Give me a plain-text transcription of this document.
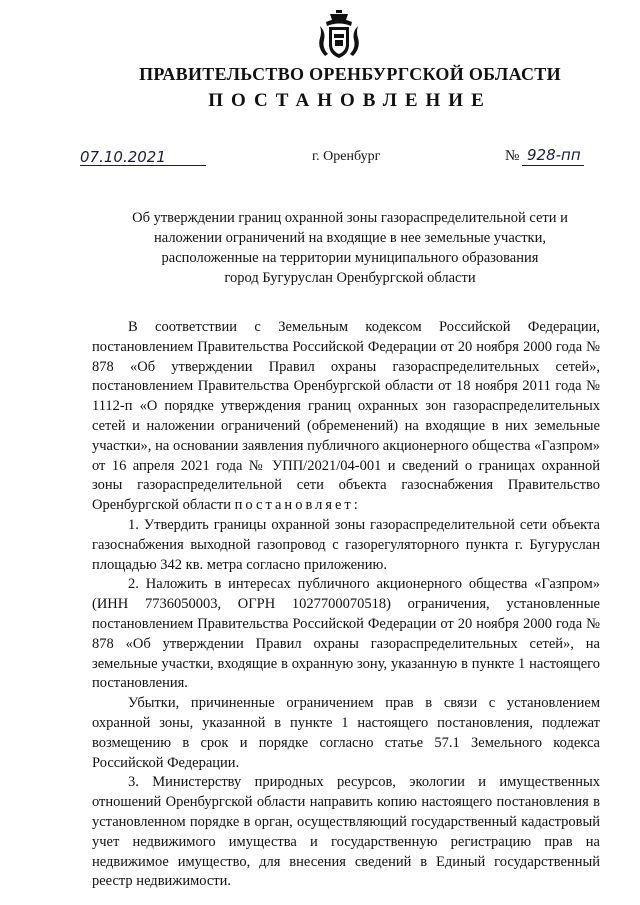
ПРАВИТЕЛЬСТВО ОРЕНБУРГСКОЙ ОБЛАСТИ
ПОСТАНОВЛЕНИЕ
07.10.2021	г. Оренбург	№ 928-пп
Об утверждении границ охранной зоны газораспределительной сети и
наложении ограничений на входящие в нее земельные участки,
расположенные на территории муниципального образования
город Бугуруслан Оренбургской области

В соответствии с Земельным кодексом Российской Федерации, постановлением Правительства Российской Федерации от 20 ноября 2000 года № 878 «Об утверждении Правил охраны газораспределительных сетей», постановлением Правительства Оренбургской области от 18 ноября 2011 года № 1112-п «О порядке утверждения границ охранных зон газораспределительных сетей и наложении ограничений (обременений) на входящие в них земельные участки», на основании заявления публичного акционерного общества «Газпром» от 16 апреля 2021 года № УПП/2021/04-001 и сведений о границах охранной зоны газораспределительной сети объекта газоснабжения Правительство Оренбургской области постановляет:

1. Утвердить границы охранной зоны газораспределительной сети объекта газоснабжения выходной газопровод с газорегуляторного пункта г. Бугуруслан площадью 342 кв. метра согласно приложению.

2. Наложить в интересах публичного акционерного общества «Газпром» (ИНН 7736050003, ОГРН 1027700070518) ограничения, установленные постановлением Правительства Российской Федерации от 20 ноября 2000 года № 878 «Об утверждении Правил охраны газораспределительных сетей», на земельные участки, входящие в охранную зону, указанную в пункте 1 настоящего постановления.

Убытки, причиненные ограничением прав в связи с установлением охранной зоны, указанной в пункте 1 настоящего постановления, подлежат возмещению в срок и порядке согласно статье 57.1 Земельного кодекса Российской Федерации.

3. Министерству природных ресурсов, экологии и имущественных отношений Оренбургской области направить копию настоящего постановления в установленном порядке в орган, осуществляющий государственный кадастровый учет недвижимого имущества и государственную регистрацию прав на недвижимое имущество, для внесения сведений в Единый государственный реестр недвижимости.
